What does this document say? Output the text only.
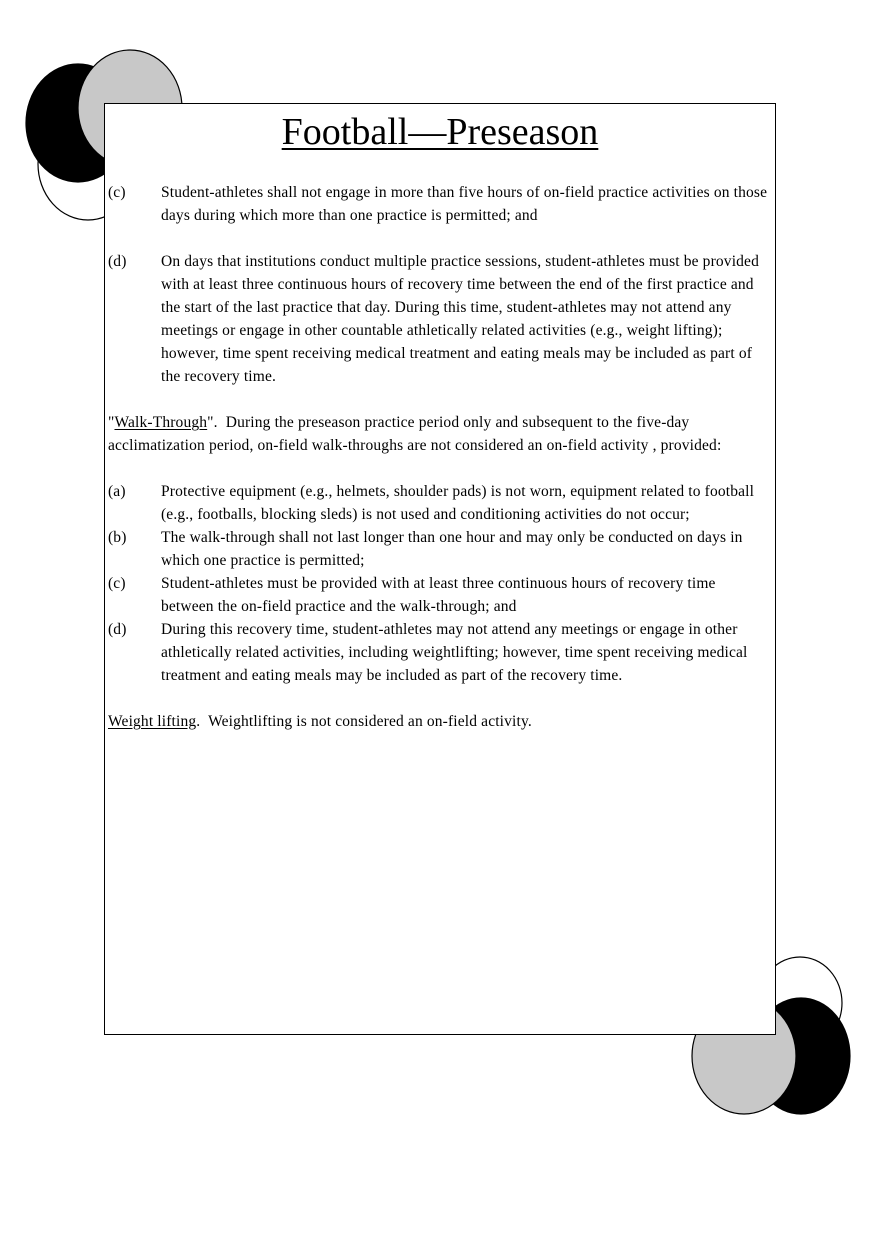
Football—Preseason
(c) Student-athletes shall not engage in more than five hours of on-field practice activities on those days during which more than one practice is permitted; and
(d) On days that institutions conduct multiple practice sessions, student-athletes must be provided with at least three continuous hours of recovery time between the end of the first practice and the start of the last practice that day. During this time, student-athletes may not attend any meetings or engage in other countable athletically related activities (e.g., weight lifting); however, time spent receiving medical treatment and eating meals may be included as part of the recovery time.
"Walk-Through". During the preseason practice period only and subsequent to the five-day acclimatization period, on-field walk-throughs are not considered an on-field activity , provided:
(a) Protective equipment (e.g., helmets, shoulder pads) is not worn, equipment related to football (e.g., footballs, blocking sleds) is not used and conditioning activities do not occur;
(b) The walk-through shall not last longer than one hour and may only be conducted on days in which one practice is permitted;
(c) Student-athletes must be provided with at least three continuous hours of recovery time between the on-field practice and the walk-through; and
(d) During this recovery time, student-athletes may not attend any meetings or engage in other athletically related activities, including weightlifting; however, time spent receiving medical treatment and eating meals may be included as part of the recovery time.
Weight lifting. Weightlifting is not considered an on-field activity.
